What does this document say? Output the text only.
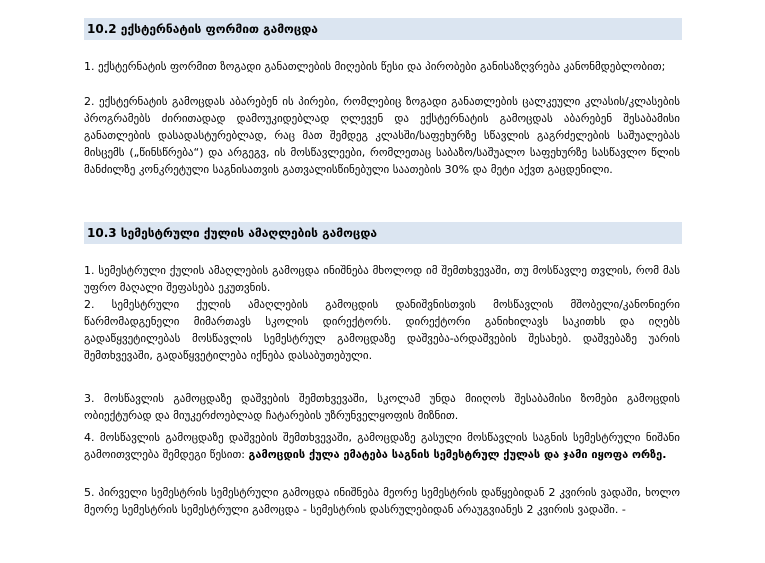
10.2 ექსტერნატის ფორმით გამოცდა
1. ექსტერნატის ფორმით ზოგადი განათლების მიღების წესი და პირობები განისაზღვრება კანონმდებლობით;
2. ექსტერნატის გამოცდას აბარებენ ის პირები, რომლებიც ზოგადი განათლების ცალკეული კლასის/კლასების პროგრამებს ძირითადად დამოუკიდებლად ღლევენ და ექსტერნატის გამოცდას აბარებენ შესაბამისი განათლების დასადასტურებლად, რაც მათ შემდეგ კლასში/საფეხურზე სწავლის გაგრძელების საშუალებას მისცემს („წინსწრება“) და არგეგვ, ის მოსწავლეები, რომლეთაც საბაზო/საშუალო საფეხურზე სასწავლო წლის მანძილზე კონკრეტული საგნისათვის გათვალისწინებული საათების 30% და მეტი აქვთ გაცდენილი.
10.3 სემესტრული ქულის ამაღლების გამოცდა
1. სემესტრული ქულის ამაღლების გამოცდა ინიშნება მხოლოდ იმ შემთხვევაში, თუ მოსწავლე თვლის, რომ მას უფრო მაღალი შეფასება ეკუთვნის.
2. სემესტრული ქულის ამაღლების გამოცდის დანიშვნისთვის მოსწავლის მშობელი/კანონიერი წარმომადგენელი მიმართავს სკოლის დირექტორს. დირექტორი განიხილავს საკითხს და იღებს გადაწყვეტილებას მოსწავლის სემესტრულ გამოცდაზე დაშვება-არდაშვების შესახებ. დაშვებაზე უარის შემთხვევაში, გადაწყვეტილება იქნება დასაბუთებული.
3. მოსწავლის გამოცდაზე დაშვების შემთხვევაში, სკოლამ უნდა მიიღოს შესაბამისი ზომები გამოცდის ობიექტურად და მიუკერძოებლად ჩატარების უზრუნველყოფის მიზნით.
4. მოსწავლის გამოცდაზე დაშვების შემთხვევაში, გამოცდაზე გასული მოსწავლის საგნის სემესტრული ნიშანი გამოითვლება შემდეგი წესით: გამოცდის ქულა ემატება საგნის სემესტრულ ქულას და ჯამი იყოფა ორზე.
5. პირველი სემესტრის სემესტრული გამოცდა ინიშნება მეორე სემესტრის დაწყებიდან 2 კვირის ვადაში, ხოლო მეორე სემესტრის სემესტრული გამოცდა - სემესტრის დასრულებიდან არაუგვიანეს 2 კვირის ვადაში. -
